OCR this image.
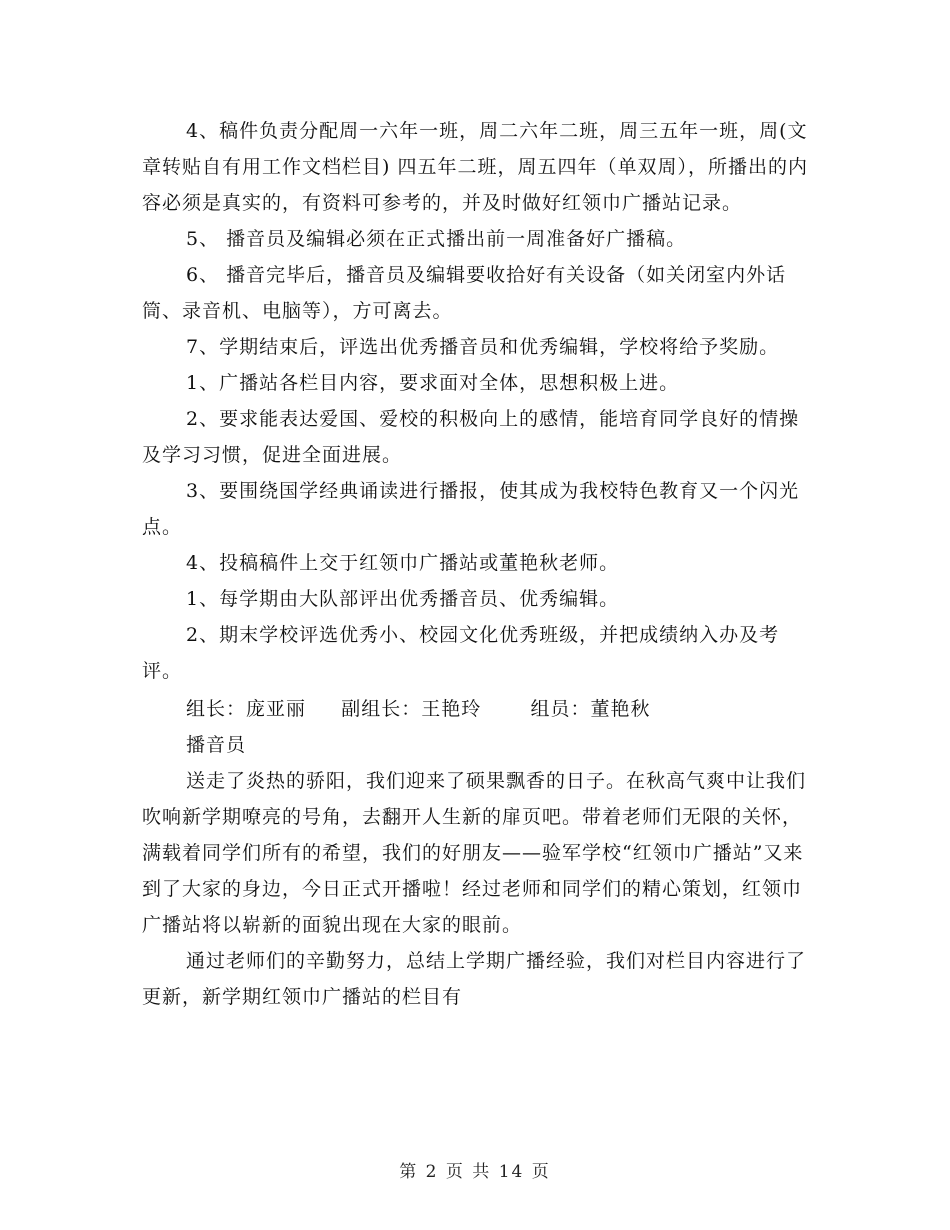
4、稿件负责分配周一六年一班，周二六年二班，周三五年一班，周(文章转贴自有用工作文档栏目) 四五年二班，周五四年（单双周），所播出的内容必须是真实的，有资料可参考的，并及时做好红领巾广播站记录。

5、 播音员及编辑必须在正式播出前一周准备好广播稿。

6、 播音完毕后，播音员及编辑要收拾好有关设备（如关闭室内外话筒、录音机、电脑等），方可离去。

7、学期结束后，评选出优秀播音员和优秀编辑，学校将给予奖励。

1、广播站各栏目内容，要求面对全体，思想积极上进。

2、要求能表达爱国、爱校的积极向上的感情，能培育同学良好的情操及学习习惯，促进全面进展。

3、要围绕国学经典诵读进行播报，使其成为我校特色教育又一个闪光点。

4、投稿稿件上交于红领巾广播站或董艳秋老师。

1、每学期由大队部评出优秀播音员、优秀编辑。

2、期末学校评选优秀小、校园文化优秀班级，并把成绩纳入办及考评。

组长：庞亚丽     副组长：王艳玲       组员：董艳秋
播音员

送走了炎热的骄阳，我们迎来了硕果飘香的日子。在秋高气爽中让我们吹响新学期嘹亮的号角，去翻开人生新的扉页吧。带着老师们无限的关怀，满载着同学们所有的希望，我们的好朋友——验军学校“红领巾广播站”又来到了大家的身边，今日正式开播啦！经过老师和同学们的精心策划，红领巾广播站将以崭新的面貌出现在大家的眼前。

通过老师们的辛勤努力，总结上学期广播经验，我们对栏目内容进行了更新，新学期红领巾广播站的栏目有

第 2 页 共 14 页
